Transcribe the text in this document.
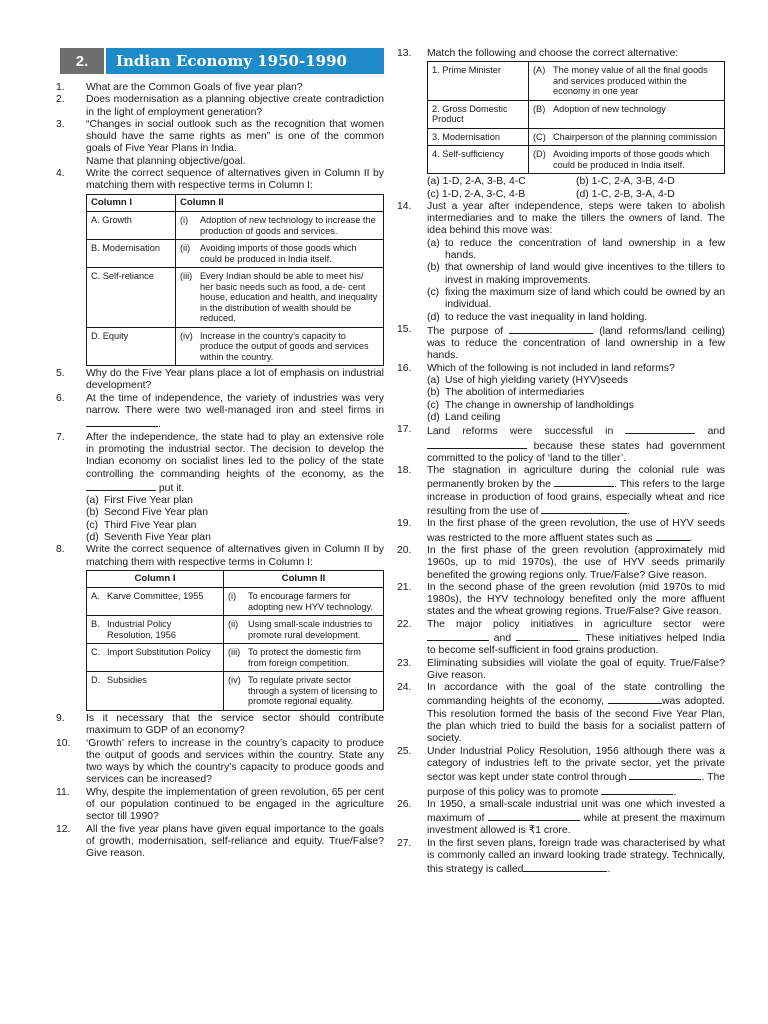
2.	Indian Economy 1950-1990
1.	What are the Common Goals of five year plan?
2.	Does modernisation as a planning objective create contradiction in the light of employment generation?
3.	“Changes in social outlook such as the recognition that women should have the same rights as men” is one of the common goals of Five Year Plans in India.

Name that planning objective/goal.

4.	Write the correct sequence of alternatives given in Column II by matching them with respective terms in Column I:

Column I	Column II
A. Growth	(i) Adoption of new technology to increase the production of goods and services.

B. Modernisation	(ii) Avoiding imports of those goods which could be produced in India itself.

C. Self-reliance	(iii) Every Indian should be able to meet his/ her basic needs such as food, a de- cent house, education and health, and inequality in the distribution of wealth should be reduced.

D. Equity	(iv) Increase in the country’s capacity to produce the output of goods and services within the country.
5.	Why do the Five Year plans place a lot of emphasis on industrial development?
6.	At the time of independence, the variety of industries was very narrow. There were two well-managed iron and steel firms in .
7.	After the independence, the state had to play an extensive role in promoting the industrial sector. The decision to develop the Indian economy on socialist lines led to the policy of the state controlling the commanding heights of the economy, as the  put it.
(a) First Five Year plan
(b) Second Five Year plan
(c) Third Five Year plan
(d) Seventh Five Year plan
8.	Write the correct sequence of alternatives given in Column II by matching them with respective terms in Column I:

Column I	Column II

A. Karve Committee, 1955	(i) To encourage farmers for adopting new HYV technology.

B. Industrial Policy Resolution, 1956	(ii) Using small-scale industries to promote rural development.

C. Import Substitution Policy	(iii) To protect the domestic firm from foreign competition.

D. Subsidies	(iv) To regulate private sector through a system of licensing to promote regional equality.
9.	Is it necessary that the service sector should contribute maximum to GDP of an economy?
10.	‘Growth’ refers to increase in the country’s capacity to produce the output of goods and services within the country. State any two ways by which the country’s capacity to produce goods and services can be increased?
11.	Why, despite the implementation of green revolution, 65 per cent of our population continued to be engaged in the agriculture sector till 1990?
12.	All the five year plans have given equal importance to the goals of growth, modernisation, self-reliance and equity. True/False? Give reason.
13.	Match the following and choose the correct alternative:

1. Prime Minister	(A) The money value of all the final goods and services produced within the economy in one year

2. Gross Domestic Product	(B) Adoption of new technology

3. Modernisation	(C) Chairperson of the planning commission

4. Self-sufficiency	(D) Avoiding imports of those goods which could be produced in India itself.
(a) 1-D, 2-A, 3-B, 4-C	(b) 1-C, 2-A, 3-B, 4-D
(c) 1-D, 2-A, 3-C, 4-B	(d) 1-C, 2-B, 3-A, 4-D
14.	Just a year after independence, steps were taken to abolish intermediaries and to make the tillers the owners of land. The idea behind this move was:

(a) to reduce the concentration of land ownership in a few hands.
(b) that ownership of land would give incentives to the tillers to invest in making improvements.
(c) fixing the maximum size of land which could be owned by an individual.
(d) to reduce the vast inequality in land holding.
15.	The purpose of	(land reforms/land ceiling) was to reduce the concentration of land ownership in a few hands.
16.	Which of the following is not included in land reforms?

(a) Use of high yielding variety (HYV)seeds
(b) The abolition of intermediaries
(c) The change in ownership of landholdings
(d) Land ceiling
17.	Land reforms were successful in	and  because these states had government committed to the policy of ‘land to the tiller’.
18.	The stagnation in agriculture during the colonial rule was permanently broken by the	. This refers to the large increase in production of food grains, especially wheat and rice resulting from the use of	.
19.	In the first phase of the green revolution, the use of HYV seeds was restricted to the more affluent states such as	.
20.	In the first phase of the green revolution (approximately mid 1960s, up to mid 1970s), the use of HYV seeds primarily benefited the growing regions only. True/False? Give reason.
21.	In the second phase of the green revolution (mid 1970s to mid 1980s), the HYV technology benefited only the more affluent states and the wheat growing regions. True/False? Give reason.
22.	The major policy initiatives in agriculture sector were  and	. These initiatives helped India to become self-sufficient in food grains production.
23.	Eliminating subsidies will violate the goal of equity. True/False? Give reason.
24.	In accordance with the goal of the state controlling the commanding heights of the economy,	was adopted. This resolution formed the basis of the second Five Year Plan, the plan which tried to build the basis for a socialist pattern of society.
25.	Under Industrial Policy Resolution, 1956 although there was a category of industries left to the private sector, yet the private sector was kept under state control through	. The purpose of this policy was to promote	.
26.	In 1950, a small-scale industrial unit was one which invested a maximum of	while at present the maximum investment allowed is ₹1 crore.
27.	In the first seven plans, foreign trade was characterised by what is commonly called an inward looking trade strategy. Technically, this strategy is called	.
